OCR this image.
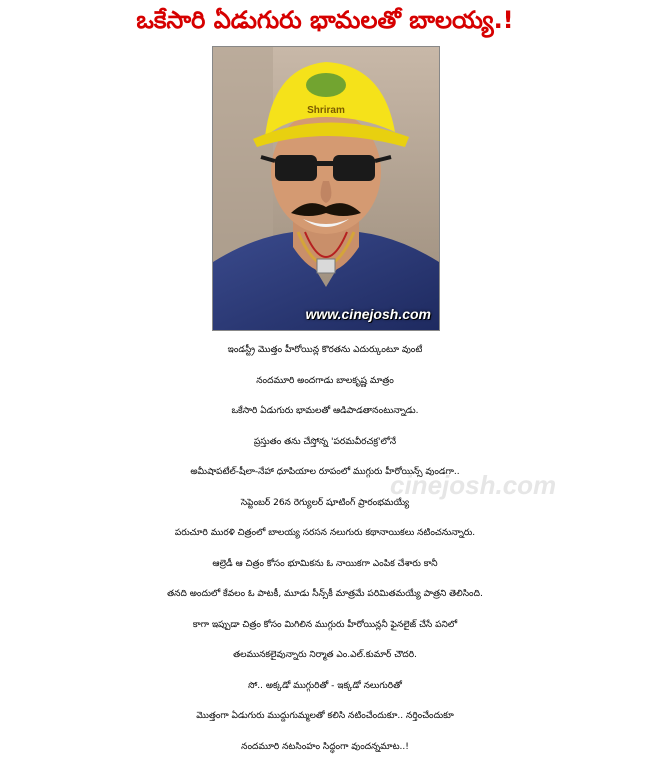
ఒకేసారి ఏడుగురు భామలతో బాలయ్య.!
Shriram
www.cinejosh.com
cinejosh.com

ఇండస్ట్రీ మొత్తం హీరోయిన్ల కొరతను ఎదుర్కుంటూ వుంటే

నందమూరి అందగాడు బాలకృష్ణ మాత్రం

ఒకేసారి ఏడుగురు భామలతో ఆడిపాడతానంటున్నాడు.

ప్రస్తుతం తను చేస్తోన్న 'పరమవీరచక్ర'లోనే

అమీషాపటేల్-షీలా-నేహా ధూపియాల రూపంలో ముగ్గురు హీరోయిన్స్ వుండగా..

సెప్టెంబర్ 26న రెగ్యులర్ షూటింగ్ ప్రారంభమయ్యే

పరుచూరి మురళి చిత్రంలో బాలయ్య సరసన నలుగురు కథానాయికలు నటించనున్నారు.

ఆల్రెడీ ఆ చిత్రం కోసం భూమికను ఓ నాయికగా ఎంపిక చేశారు కానీ

తనది అందులో కేవలం ఓ పాటకీ, మూడు సీన్స్‌కీ మాత్రమే పరిమితమయ్యే పాత్రని తెలిసింది.

కాగా ఇప్పుడా చిత్రం కోసం మిగిలిన ముగ్గురు హీరోయిన్లనీ ఫైనలైజ్ చేసే పనిలో

తలమునకలైవున్నారు నిర్మాత ఎం.ఎల్.కుమార్ చౌదరి.

సో.. అక్కడో ముగ్గురితో - ఇక్కడో నలుగురితో

మొత్తంగా ఏడుగురు ముద్దుగుమ్మలతో కలిసి నటించేందుకూ.. నర్తించేందుకూ

నందమూరి నటసింహం సిద్ధంగా వుందన్నమాట..!
